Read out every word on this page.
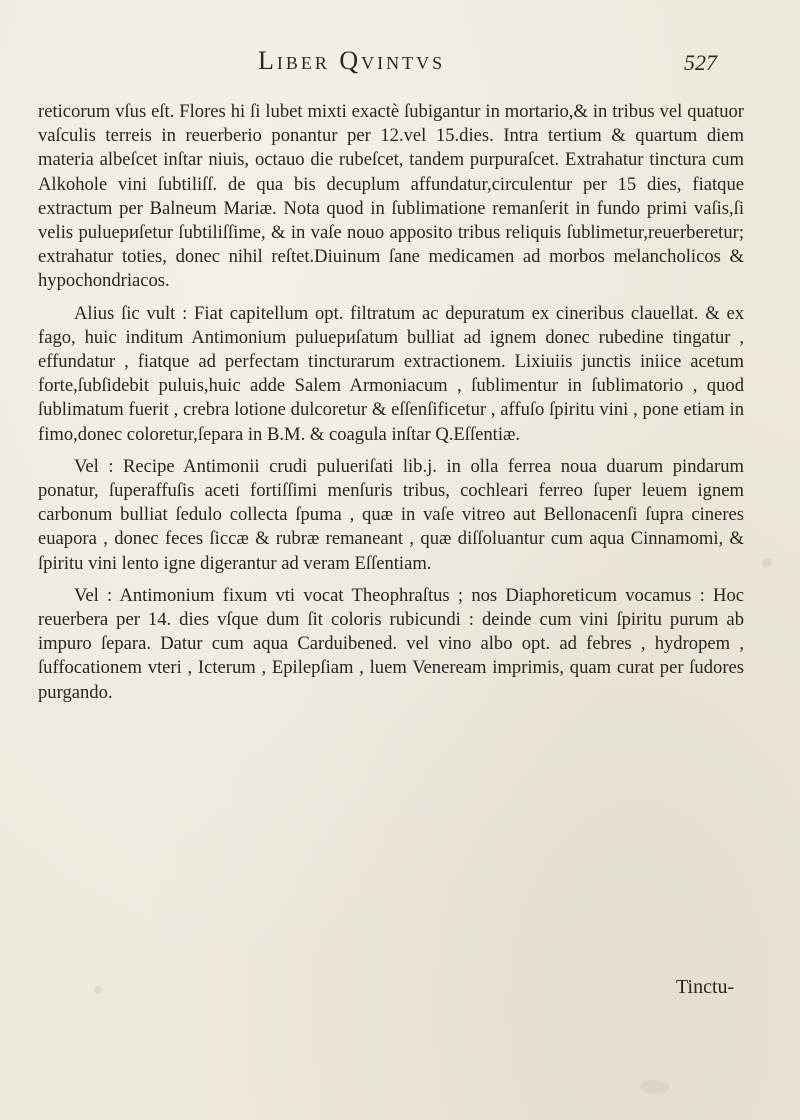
Liber Qvintvs	527

reticorum vſus eſt. Flores hi ſi lubet mixti exactè ſubigantur in mortario,& in tribus vel quatuor vaſculis terreis in reuerberio ponantur per 12.vel 15.dies. Intra tertium & quartum diem materia albeſcet inſtar niuis, octauo die rubeſcet, tandem purpuraſcet. Extrahatur tinctura cum Alkohole vini ſubtiliſſ. de qua bis decuplum affundatur,circulentur per 15 dies, fiatque extractum per Balneum Mariæ. Nota quod in ſublimatione remanſerit in fundo primi vaſis,ſi velis puluериſetur ſubtiliſſime, & in vaſe nouo apposito tribus reliquis ſublimetur,reuerberetur; extrahatur toties, donec nihil reſtet.Diuinum ſane medicamen ad morbos melancholicos & hypochondriacos.

Alius ſic vult : Fiat capitellum opt. filtratum ac depuratum ex cineribus clauellat. & ex fago, huic inditum Antimonium puluериſatum bulliat ad ignem donec rubedine tingatur , effundatur , fiatque ad perfectam tincturarum extractionem. Lixiuiis junctis iniice acetum forte,ſubſidebit puluis,huic adde Salem Armoniacum , ſublimentur in ſublimatorio , quod ſublimatum fuerit , crebra lotione dulcoretur & eſſenſificetur , affuſo ſpiritu vini , pone etiam in fimo,donec coloretur,ſepara in B.M. & coagula inſtar Q.Eſſentiæ.

Vel : Recipe Antimonii crudi pulueriſati lib.j. in olla ferrea noua duarum pindarum ponatur, ſuperaffuſis aceti fortiſſimi menſuris tribus, cochleari ferreo ſuper leuem ignem carbonum bulliat ſedulo collecta ſpuma , quæ in vaſe vitreo aut Bellonacenſi ſupra cineres euapora , donec feces ſiccæ & rubræ remaneant , quæ diſſoluantur cum aqua Cinnamomi, & ſpiritu vini lento igne digerantur ad veram Eſſentiam.

Vel : Antimonium fixum vti vocat Theophraſtus ; nos Diaphoreticum vocamus : Hoc reuerbera per 14. dies vſque dum ſit coloris rubicundi : deinde cum vini ſpiritu purum ab impuro ſepara. Datur cum aqua Carduibened. vel vino albo opt. ad febres , hydropem , ſuffocationem vteri , Icterum , Epilepſiam , luem Veneream imprimis, quam curat per ſudores purgando.

Tinctu-
